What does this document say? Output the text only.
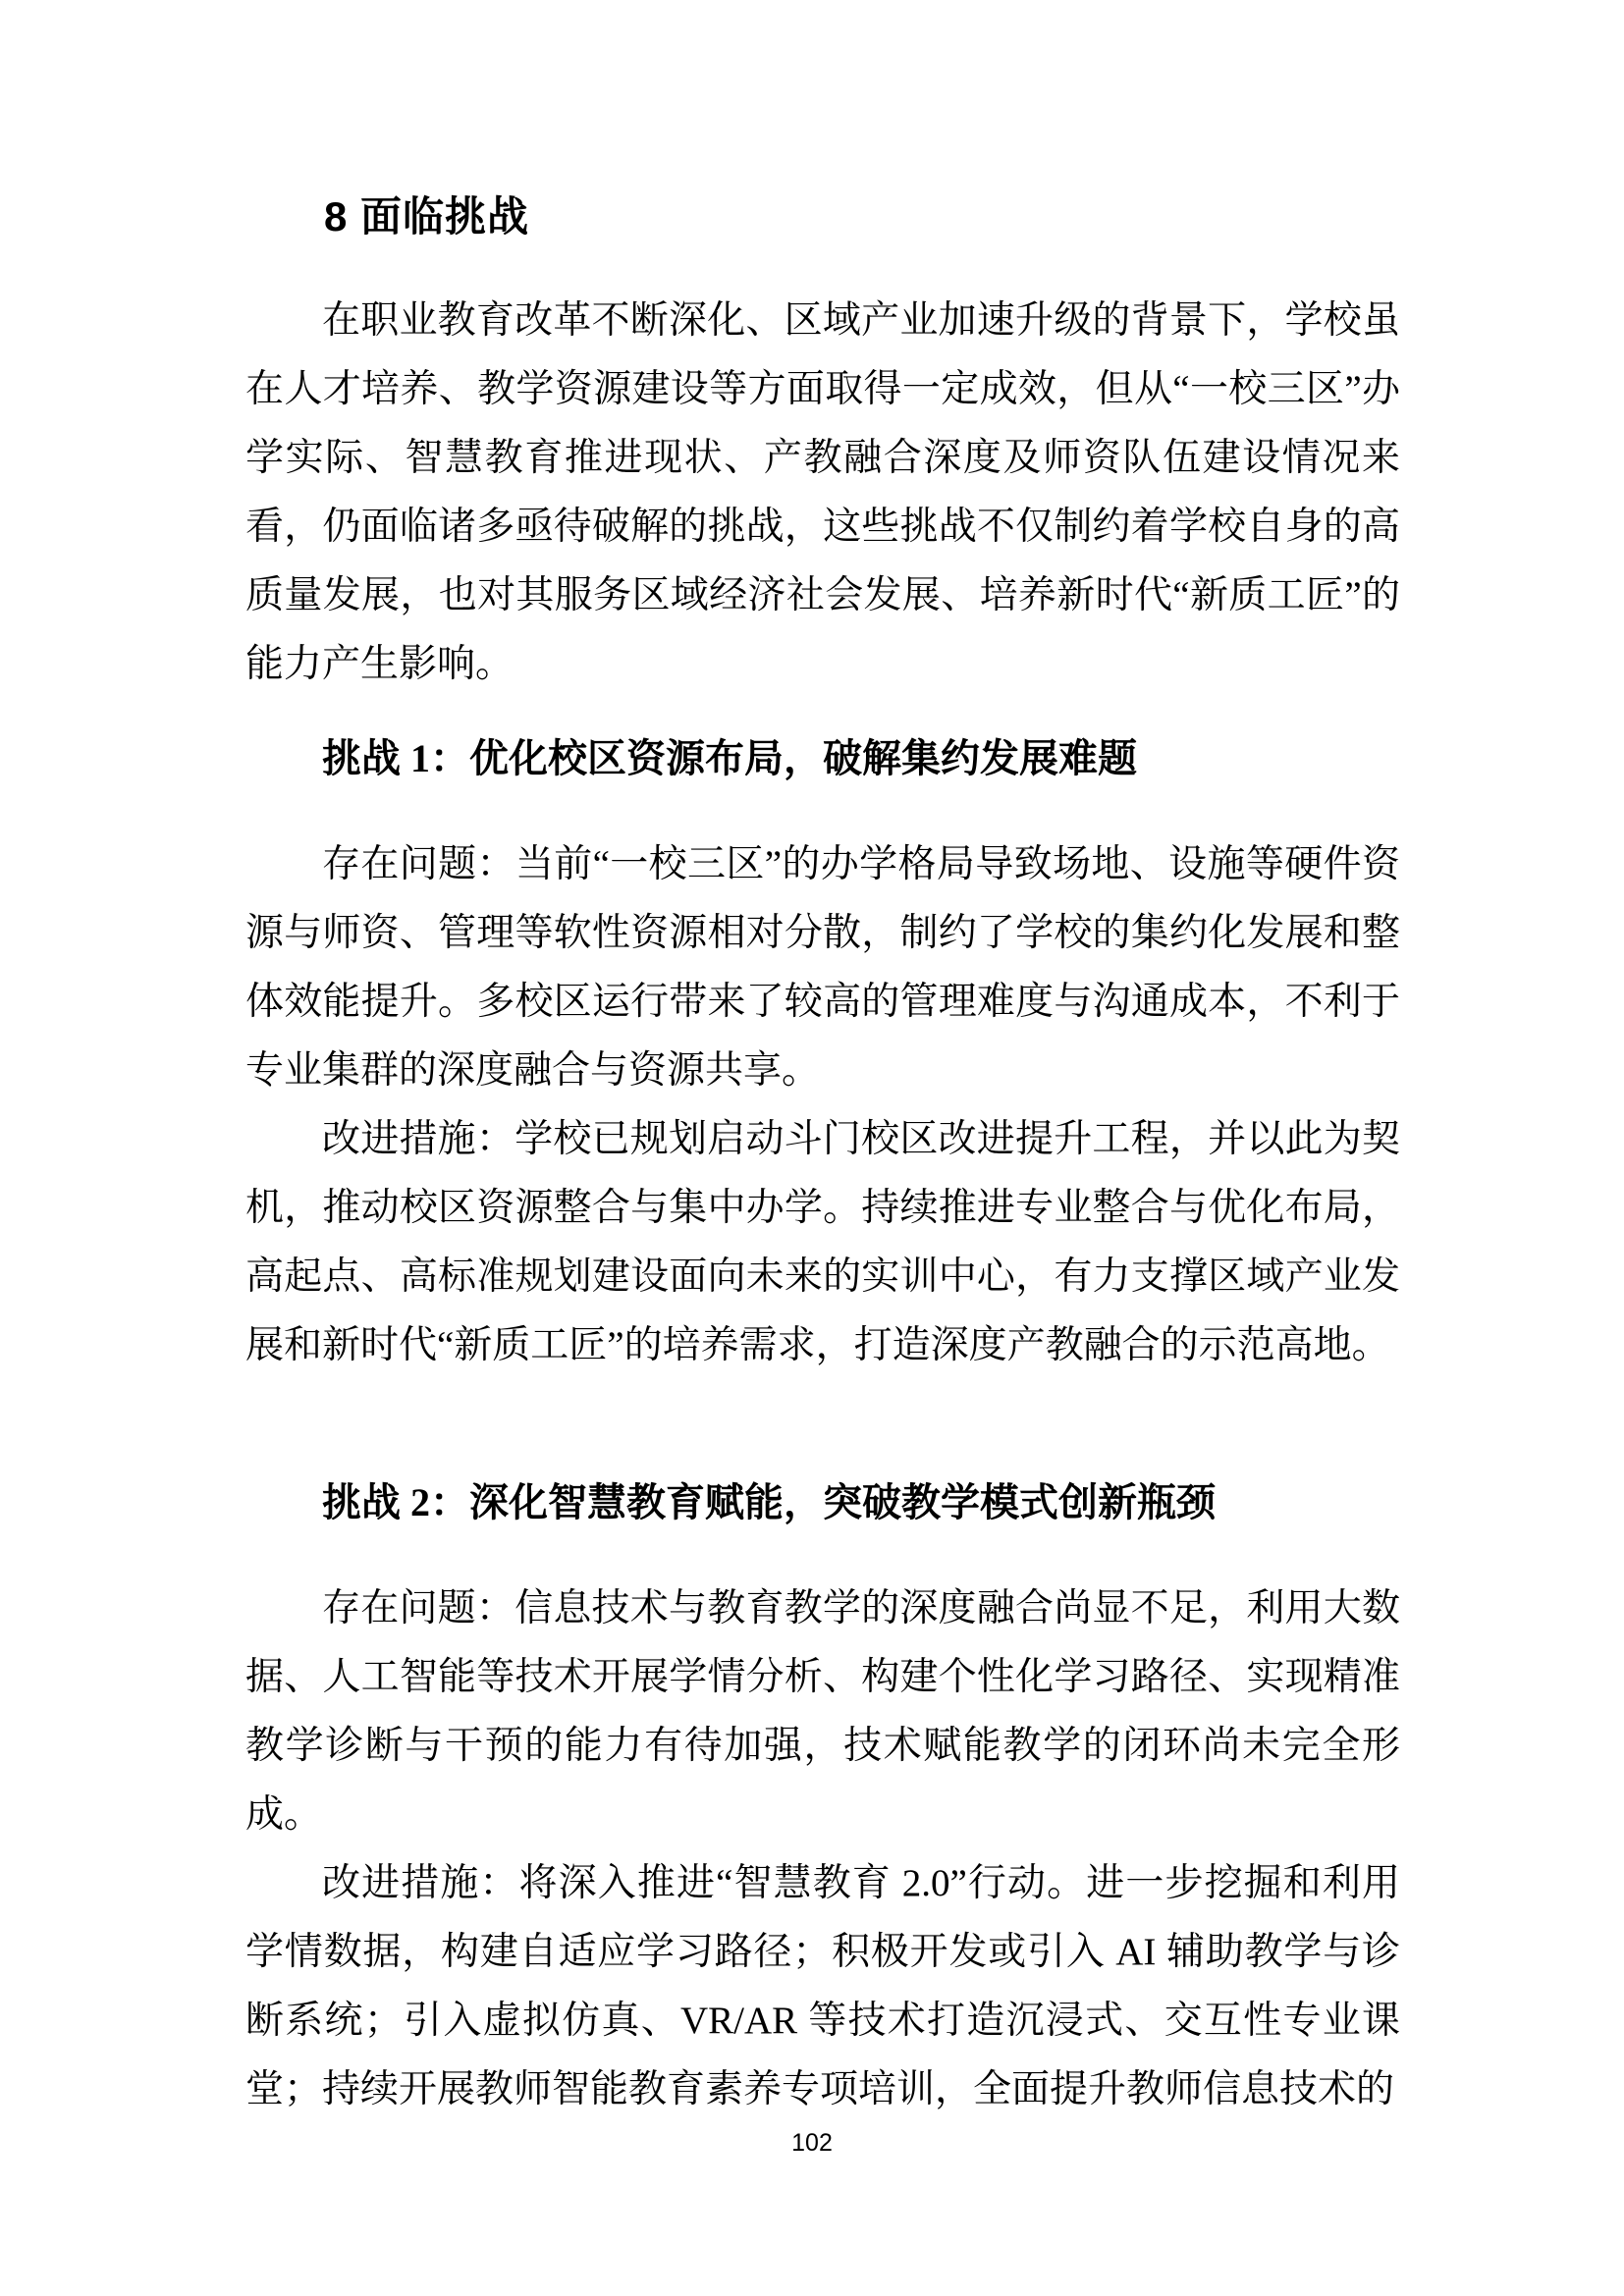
8 面临挑战

在职业教育改革不断深化、区域产业加速升级的背景下，学校虽在人才培养、教学资源建设等方面取得一定成效，但从“一校三区”办学实际、智慧教育推进现状、产教融合深度及师资队伍建设情况来看，仍面临诸多亟待破解的挑战，这些挑战不仅制约着学校自身的高质量发展，也对其服务区域经济社会发展、培养新时代“新质工匠”的能力产生影响。

挑战 1：优化校区资源布局，破解集约发展难题

存在问题：当前“一校三区”的办学格局导致场地、设施等硬件资源与师资、管理等软性资源相对分散，制约了学校的集约化发展和整体效能提升。多校区运行带来了较高的管理难度与沟通成本，不利于专业集群的深度融合与资源共享。

改进措施：学校已规划启动斗门校区改进提升工程，并以此为契机，推动校区资源整合与集中办学。持续推进专业整合与优化布局，高起点、高标准规划建设面向未来的实训中心，有力支撑区域产业发展和新时代“新质工匠”的培养需求，打造深度产教融合的示范高地。

挑战 2：深化智慧教育赋能，突破教学模式创新瓶颈

存在问题：信息技术与教育教学的深度融合尚显不足，利用大数据、人工智能等技术开展学情分析、构建个性化学习路径、实现精准教学诊断与干预的能力有待加强，技术赋能教学的闭环尚未完全形成。

改进措施：将深入推进“智慧教育 2.0”行动。进一步挖掘和利用学情数据，构建自适应学习路径；积极开发或引入 AI 辅助教学与诊断系统；引入虚拟仿真、VR/AR 等技术打造沉浸式、交互性专业课堂；持续开展教师智能教育素养专项培训，全面提升教师信息技术的

102
